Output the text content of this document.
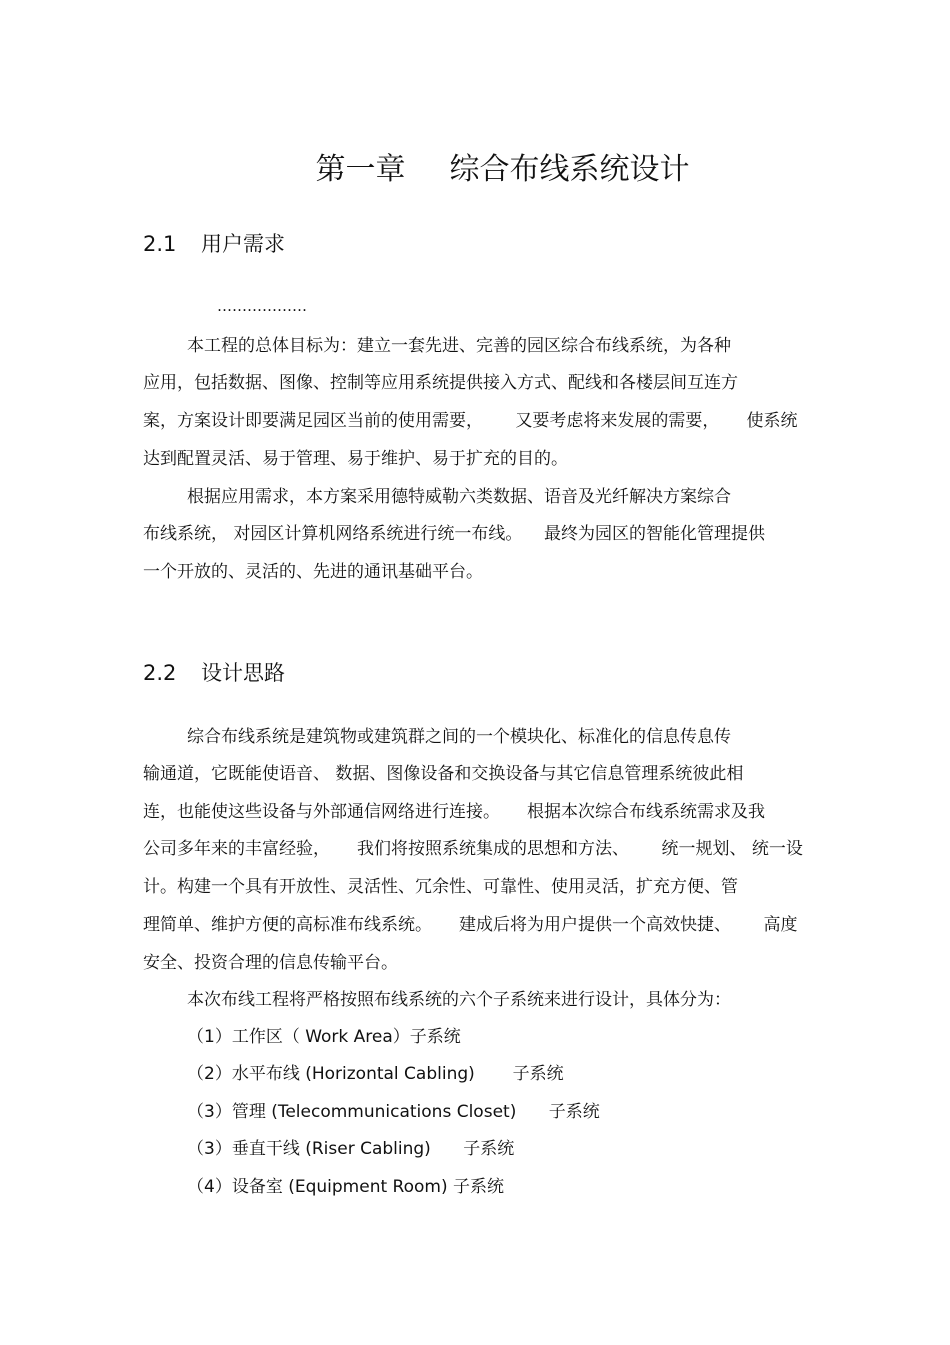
第一章 综合布线系统设计
2.1 用户需求
………………
本工程的总体目标为：建立一套先进、完善的园区综合布线系统，为各种
应用，包括数据、图像、控制等应用系统提供接入方式、配线和各楼层间互连方
案，方案设计即要满足园区当前的使用需要，      又要考虑将来发展的需要，     使系统
达到配置灵活、易于管理、易于维护、易于扩充的目的。
根据应用需求，本方案采用德特威勒六类数据、语音及光纤解决方案综合
布线系统， 对园区计算机网络系统进行统一布线。    最终为园区的智能化管理提供
一个开放的、灵活的、先进的通讯基础平台。
2.2 设计思路
综合布线系统是建筑物或建筑群之间的一个模块化、标准化的信息传息传
输通道，它既能使语音、 数据、图像设备和交换设备与其它信息管理系统彼此相
连，也能使这些设备与外部通信网络进行连接。     根据本次综合布线系统需求及我
公司多年来的丰富经验，     我们将按照系统集成的思想和方法、      统一规划、 统一设
计。构建一个具有开放性、灵活性、冗余性、可靠性、使用灵活，扩充方便、管
理简单、维护方便的高标准布线系统。     建成后将为用户提供一个高效快捷、      高度
安全、投资合理的信息传输平台。
本次布线工程将严格按照布线系统的六个子系统来进行设计，具体分为：
（1）工作区（ Work Area）子系统
（2）水平布线 (Horizontal Cabling)       子系统
（3）管理 (Telecommunications Closet)      子系统
（3）垂直干线 (Riser Cabling)      子系统
（4）设备室 (Equipment Room) 子系统
